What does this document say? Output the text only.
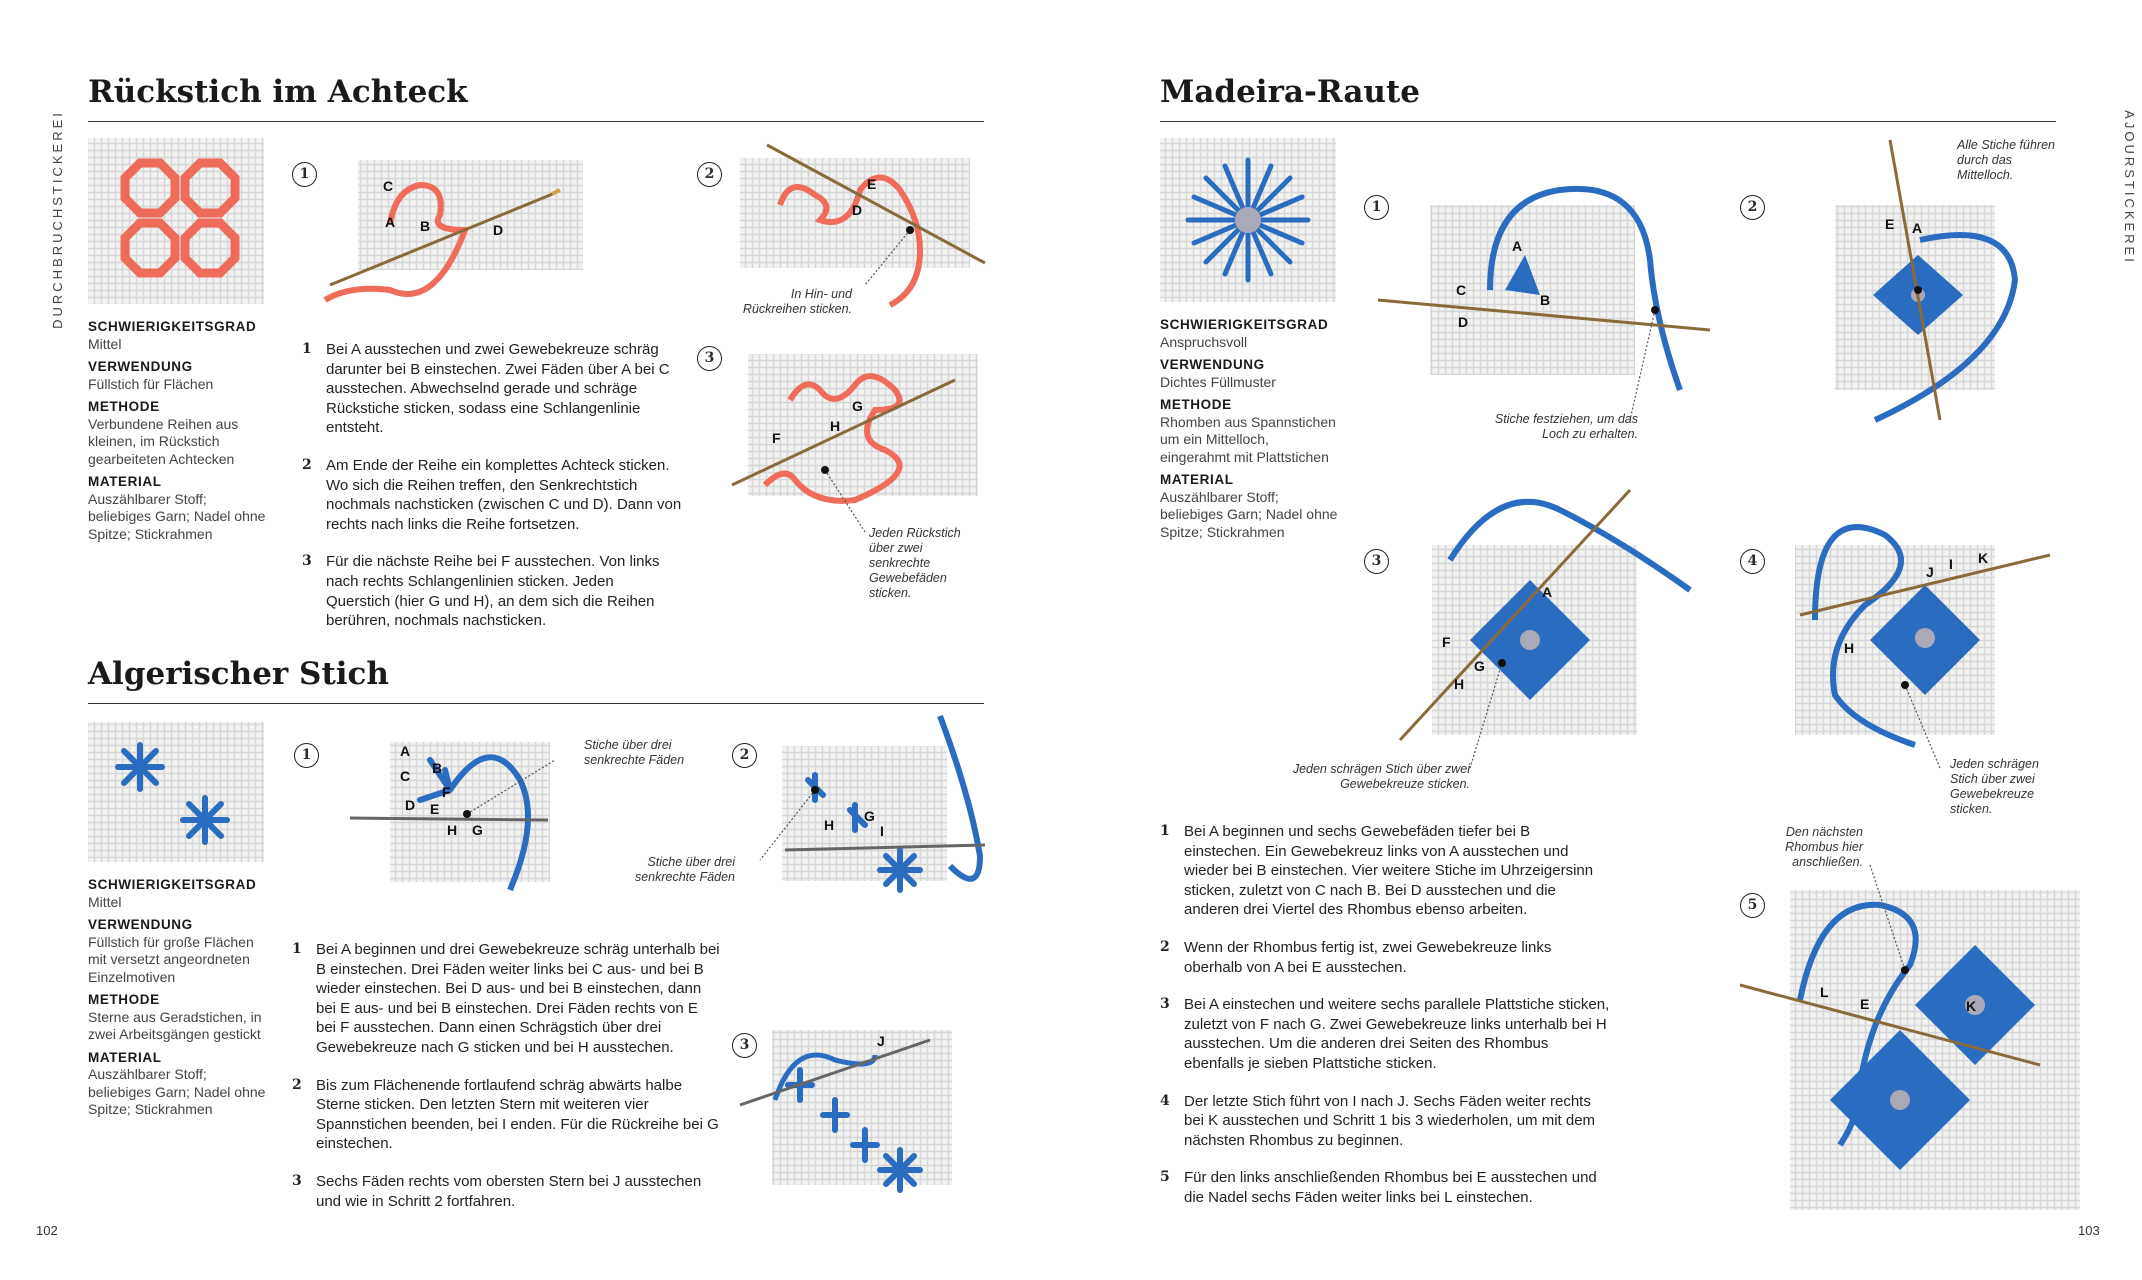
DURCHBRUCHSTICKEREI	AJOURSTICKEREI
Rückstich im Achteck
Algerischer Stich
Madeira-Raute
SCHWIERIGKEITSGRAD
Mittel
VERWENDUNG
Füllstich für Flächen
METHODE
Verbundene Reihen aus kleinen, im Rückstich gearbeiteten Achtecken
MATERIAL
Auszählbarer Stoff; beliebiges Garn; Nadel ohne Spitze; Stickrahmen
SCHWIERIGKEITSGRAD
Mittel
VERWENDUNG
Füllstich für große Flächen mit versetzt angeordneten Einzelmotiven
METHODE
Sterne aus Geradstichen, in zwei Arbeitsgängen gestickt
MATERIAL
Auszählbarer Stoff; beliebiges Garn; Nadel ohne Spitze; Stickrahmen
SCHWIERIGKEITSGRAD
Anspruchsvoll
VERWENDUNG
Dichtes Füllmuster
METHODE
Rhomben aus Spannstichen um ein Mittelloch, eingerahmt mit Plattstichen
MATERIAL
Auszählbarer Stoff; beliebiges Garn; Nadel ohne Spitze; Stickrahmen
1 Bei A ausstechen und zwei Gewebekreuze schräg darunter bei B einstechen. Zwei Fäden über A bei C ausstechen. Abwechselnd gerade und schräge Rückstiche sticken, sodass eine Schlangenlinie entsteht.
2 Am Ende der Reihe ein komplettes Achteck sticken. Wo sich die Reihen treffen, den Senkrechtstich nochmals nachsticken (zwischen C und D). Dann von rechts nach links die Reihe fortsetzen.
3 Für die nächste Reihe bei F ausstechen. Von links nach rechts Schlangenlinien sticken. Jeden Querstich (hier G und H), an dem sich die Reihen berühren, nochmals nachsticken.
1 Bei A beginnen und drei Gewebekreuze schräg unterhalb bei B einstechen. Drei Fäden weiter links bei C aus- und bei B wieder einstechen. Bei D aus- und bei B einstechen, dann bei E aus- und bei B einstechen. Drei Fäden rechts von E bei F ausstechen. Dann einen Schrägstich über drei Gewebekreuze nach G sticken und bei H ausstechen.
2 Bis zum Flächenende fortlaufend schräg abwärts halbe Sterne sticken. Den letzten Stern mit weiteren vier Spannstichen beenden, bei I enden. Für die Rückreihe bei G einstechen.
3 Sechs Fäden rechts vom obersten Stern bei J ausstechen und wie in Schritt 2 fortfahren.
1 Bei A beginnen und sechs Gewebefäden tiefer bei B einstechen. Ein Gewebekreuz links von A ausstechen und wieder bei B einstechen. Vier weitere Stiche im Uhrzeigersinn sticken, zuletzt von C nach B. Bei D ausstechen und die anderen drei Viertel des Rhombus ebenso arbeiten.
2 Wenn der Rhombus fertig ist, zwei Gewebekreuze links oberhalb von A bei E ausstechen.
3 Bei A einstechen und weitere sechs parallele Plattstiche sticken, zuletzt von F nach G. Zwei Gewebekreuze links unterhalb bei H ausstechen. Um die anderen drei Seiten des Rhombus ebenfalls je sieben Plattstiche sticken.
4 Der letzte Stich führt von I nach J. Sechs Fäden weiter rechts bei K ausstechen und Schritt 1 bis 3 wiederholen, um mit dem nächsten Rhombus zu beginnen.
5 Für den links anschließenden Rhombus bei E ausstechen und die Nadel sechs Fäden weiter links bei L einstechen.
1	2
3
1	2
3
1	2
3	4
5
In Hin- und Rückreihen sticken.
Jeden Rückstich über zwei senkrechte Gewebefäden sticken.
Stiche über drei senkrechte Fäden
Stiche über drei senkrechte Fäden
Stiche festziehen, um das Loch zu erhalten.
Alle Stiche führen durch das Mittelloch.
Jeden schrägen Stich über zwei Gewebekreuze sticken.
Jeden schrägen Stich über zwei Gewebekreuze sticken.
Den nächsten Rhombus hier anschließen.
C
A B	D
E
D
G
F
H
A
B
C
F
D E
H G
G
H	I
J
A
C
B
D
E A
A
F
G
H
J I K
H
L
E	K
102	103
